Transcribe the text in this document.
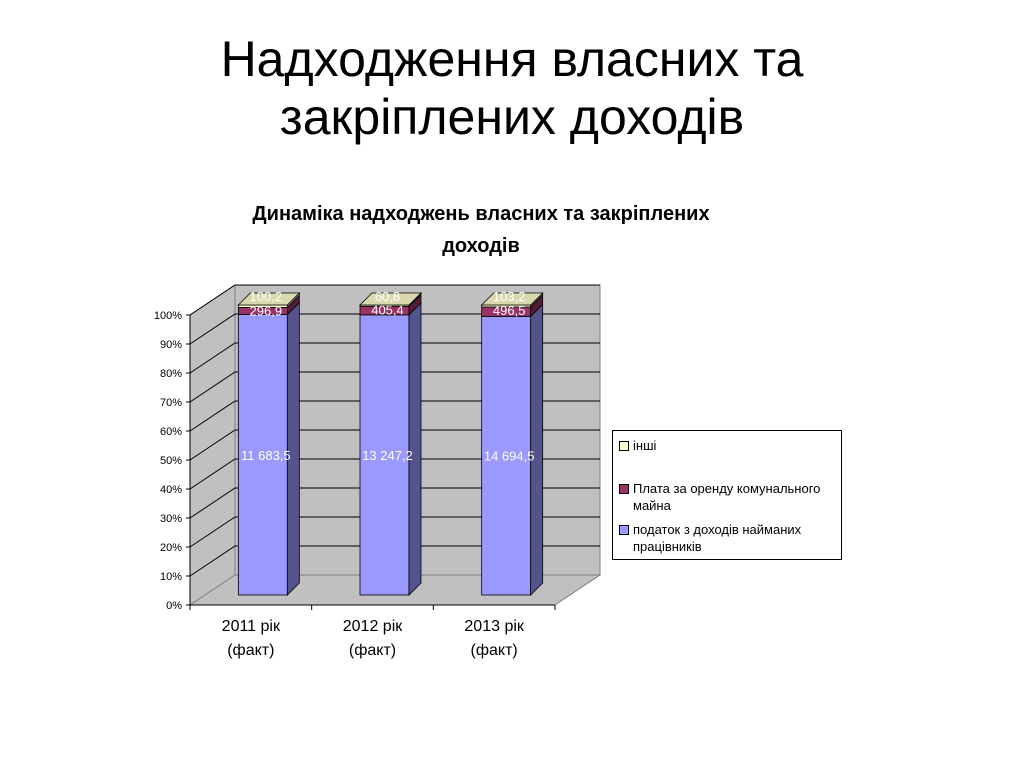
Надходження власних та
закріплених доходів
Динаміка надходжень власних та закріплених
доходів
0%
10%
20%
30%
40%
50%
60%
70%
80%
90%
100%
11 683,5
296,9
100,2
13 247,2
405,4
60,8
14 694,5
496,5
103,2
2011 рік
(факт)
2012 рік
(факт)
2013 рік
(факт)
інші
Плата за оренду комунального майна
податок з доходів найманих працівників
